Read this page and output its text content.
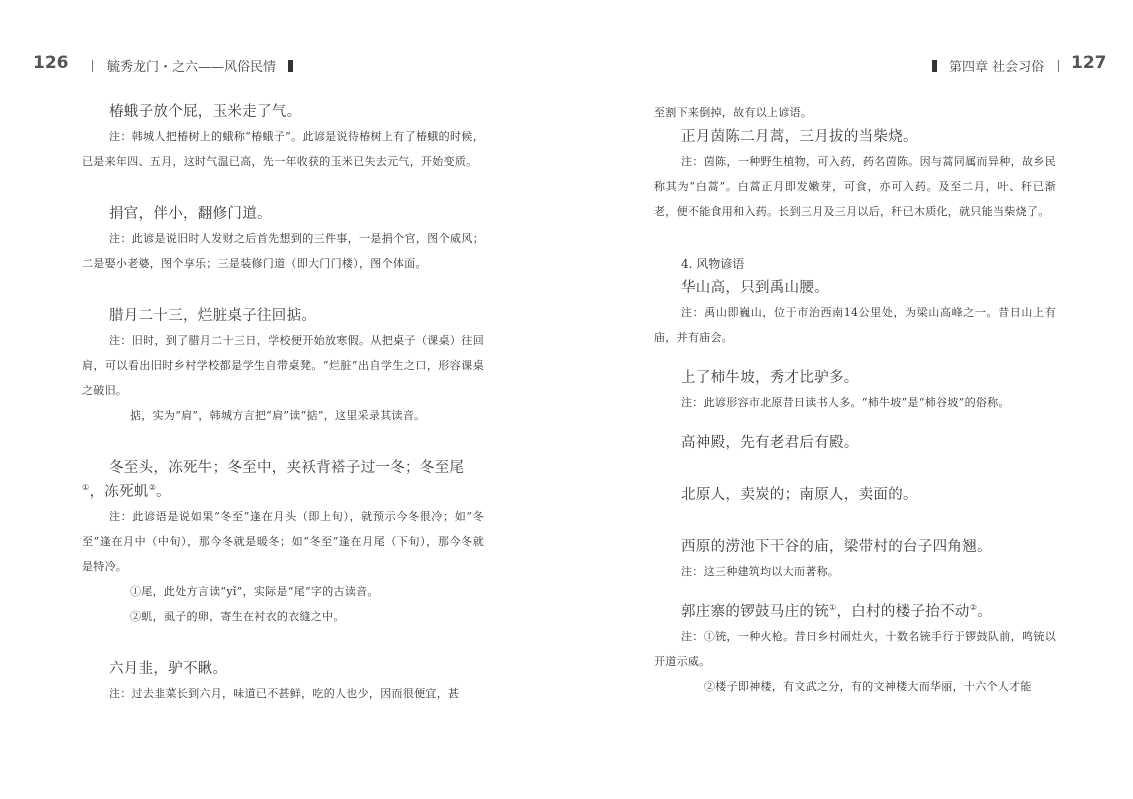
126	毓秀龙门・之六——风俗民情	第四章 社会习俗 127

椿蛾子放个屁，玉米走了气。

注：韩城人把椿树上的蛾称“椿蛾子”。此谚是说待椿树上有了椿蛾的时候，已是来年四、五月，这时气温已高，先一年收获的玉米已失去元气，开始变质。

捐官，伴小，翻修门道。

注：此谚是说旧时人发财之后首先想到的三件事，一是捐个官，图个威风；二是娶小老婆，图个享乐；三是装修门道（即大门门楼），图个体面。

腊月二十三，烂脏桌子往回掂。

注：旧时，到了腊月二十三日，学校便开始放寒假。从把桌子（课桌）往回肩，可以看出旧时乡村学校都是学生自带桌凳。“烂脏”出自学生之口，形容课桌之破旧。

掂，实为“肩”，韩城方言把“肩”读“掂”，这里采录其读音。

冬至头，冻死牛；冬至中，夹袄背褡子过一冬；冬至尾①，冻死虮②。

注：此谚语是说如果“冬至”逢在月头（即上旬），就预示今冬很冷；如“冬至”逢在月中（中旬），那今冬就是暖冬；如“冬至”逢在月尾（下旬），那今冬就是特冷。

①尾，此处方言读“yǐ”，实际是“尾”字的古读音。

②虮，虱子的卵，寄生在衬衣的衣缝之中。

六月韭，驴不瞅。

注：过去韭菜长到六月，味道已不甚鲜，吃的人也少，因而很便宜，甚

至割下来倒掉，故有以上谚语。

正月茵陈二月蒿，三月拔的当柴烧。

注：茵陈，一种野生植物，可入药，药名茵陈。因与蒿同属而异种，故乡民称其为“白蒿”。白蒿正月即发嫩芽，可食，亦可入药。及至二月，叶、秆已渐老，便不能食用和入药。长到三月及三月以后，秆已木质化，就只能当柴烧了。

4. 风物谚语

华山高，只到禹山腰。

注：禹山即巍山，位于市治西南14公里处，为梁山高峰之一。昔日山上有庙，并有庙会。

上了柿牛坡，秀才比驴多。

注：此谚形容市北原昔日读书人多。“柿牛坡”是“柿谷坡”的俗称。

高神殿，先有老君后有殿。

北原人，卖炭的；南原人，卖面的。

西原的涝池下干谷的庙，梁带村的台子四角翘。

注：这三种建筑均以大而著称。

郭庄寨的锣鼓马庄的铳①，白村的楼子抬不动②。

注：①铳，一种火枪。昔日乡村闹灶火，十数名铳手行于锣鼓队前，鸣铳以开道示威。

②楼子即神楼，有文武之分，有的文神楼大而华丽，十六个人才能
